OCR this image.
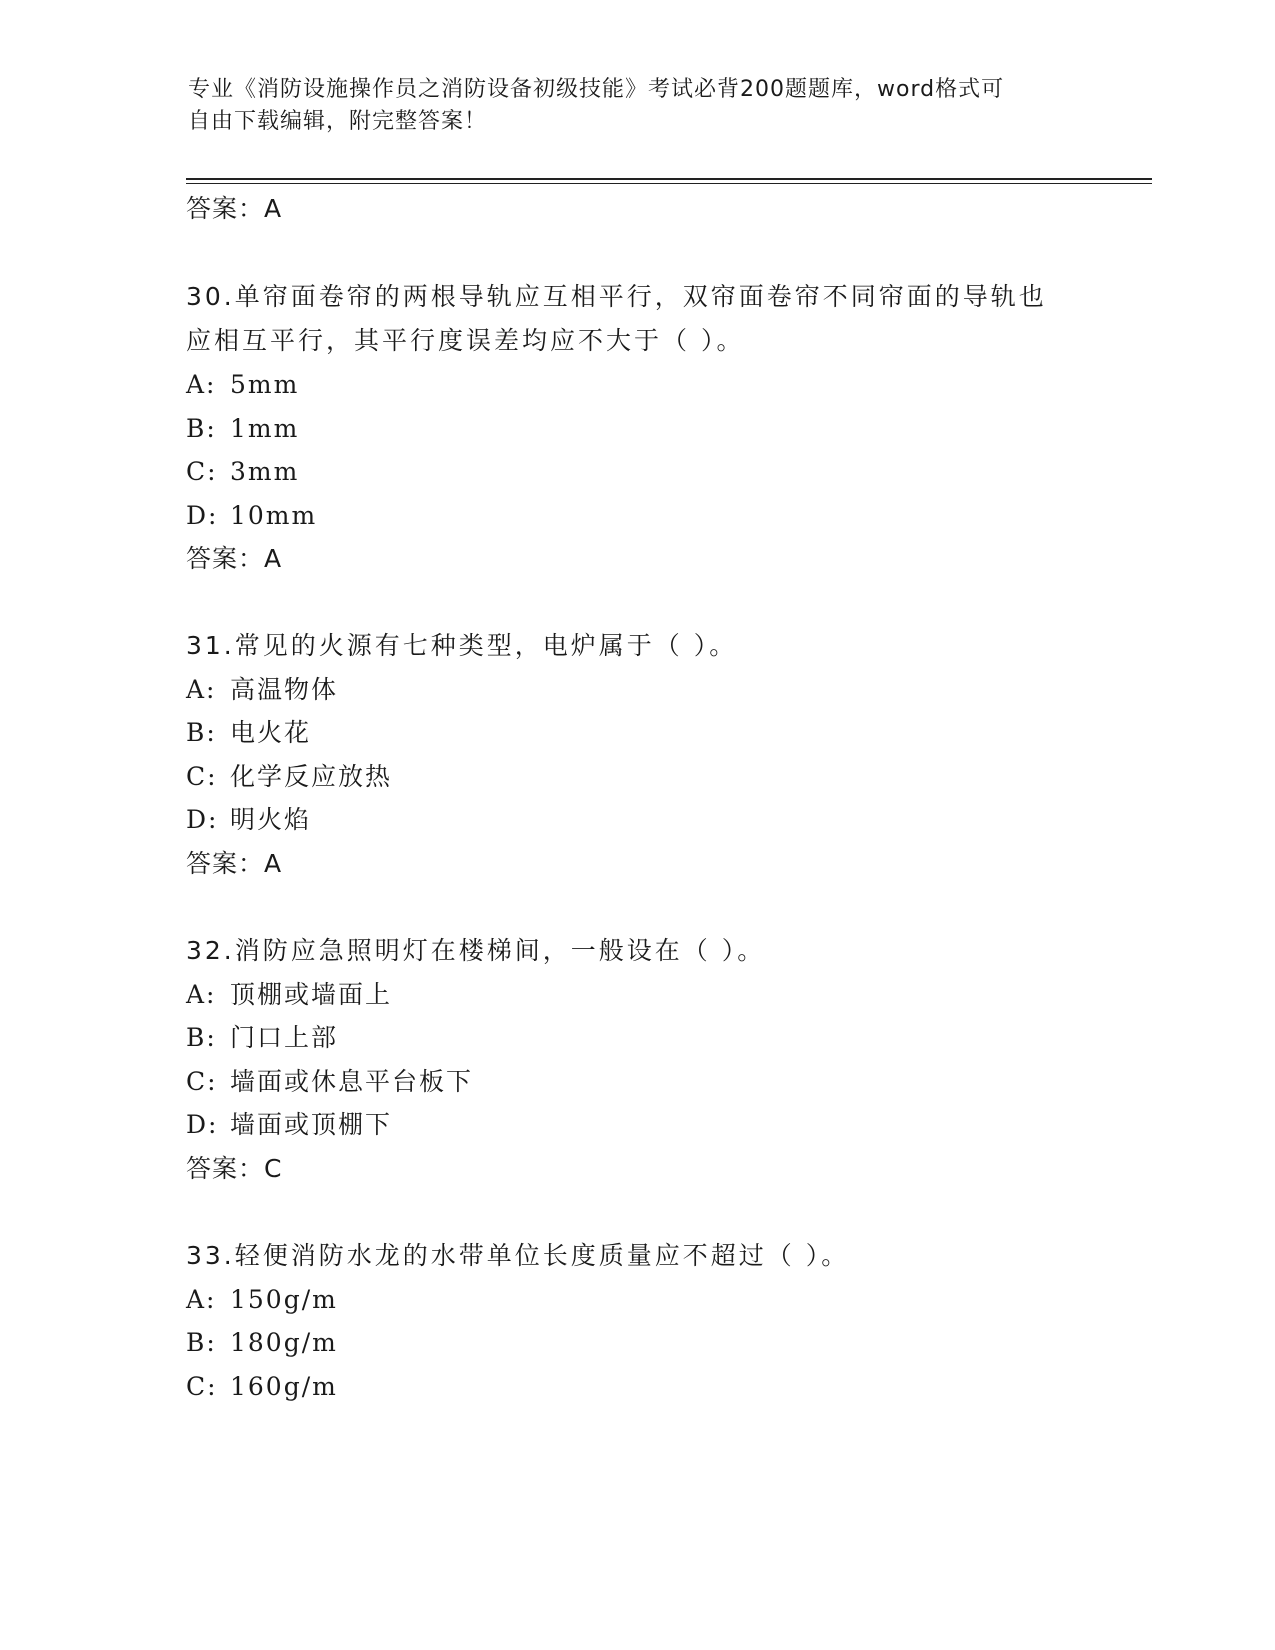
专业《消防设施操作员之消防设备初级技能》考试必背200题题库，word格式可
自由下载编辑，附完整答案！
答案：A
30.单帘面卷帘的两根导轨应互相平行，双帘面卷帘不同帘面的导轨也
应相互平行，其平行度误差均应不大于（ ）。
A: 5mm
B: 1mm
C: 3mm
D: 10mm
答案：A
31.常见的火源有七种类型，电炉属于（ ）。
A: 高温物体
B: 电火花
C: 化学反应放热
D: 明火焰
答案：A
32.消防应急照明灯在楼梯间，一般设在（ ）。
A: 顶棚或墙面上
B: 门口上部
C: 墙面或休息平台板下
D: 墙面或顶棚下
答案：C
33.轻便消防水龙的水带单位长度质量应不超过（ ）。
A: 150g/m
B: 180g/m
C: 160g/m
